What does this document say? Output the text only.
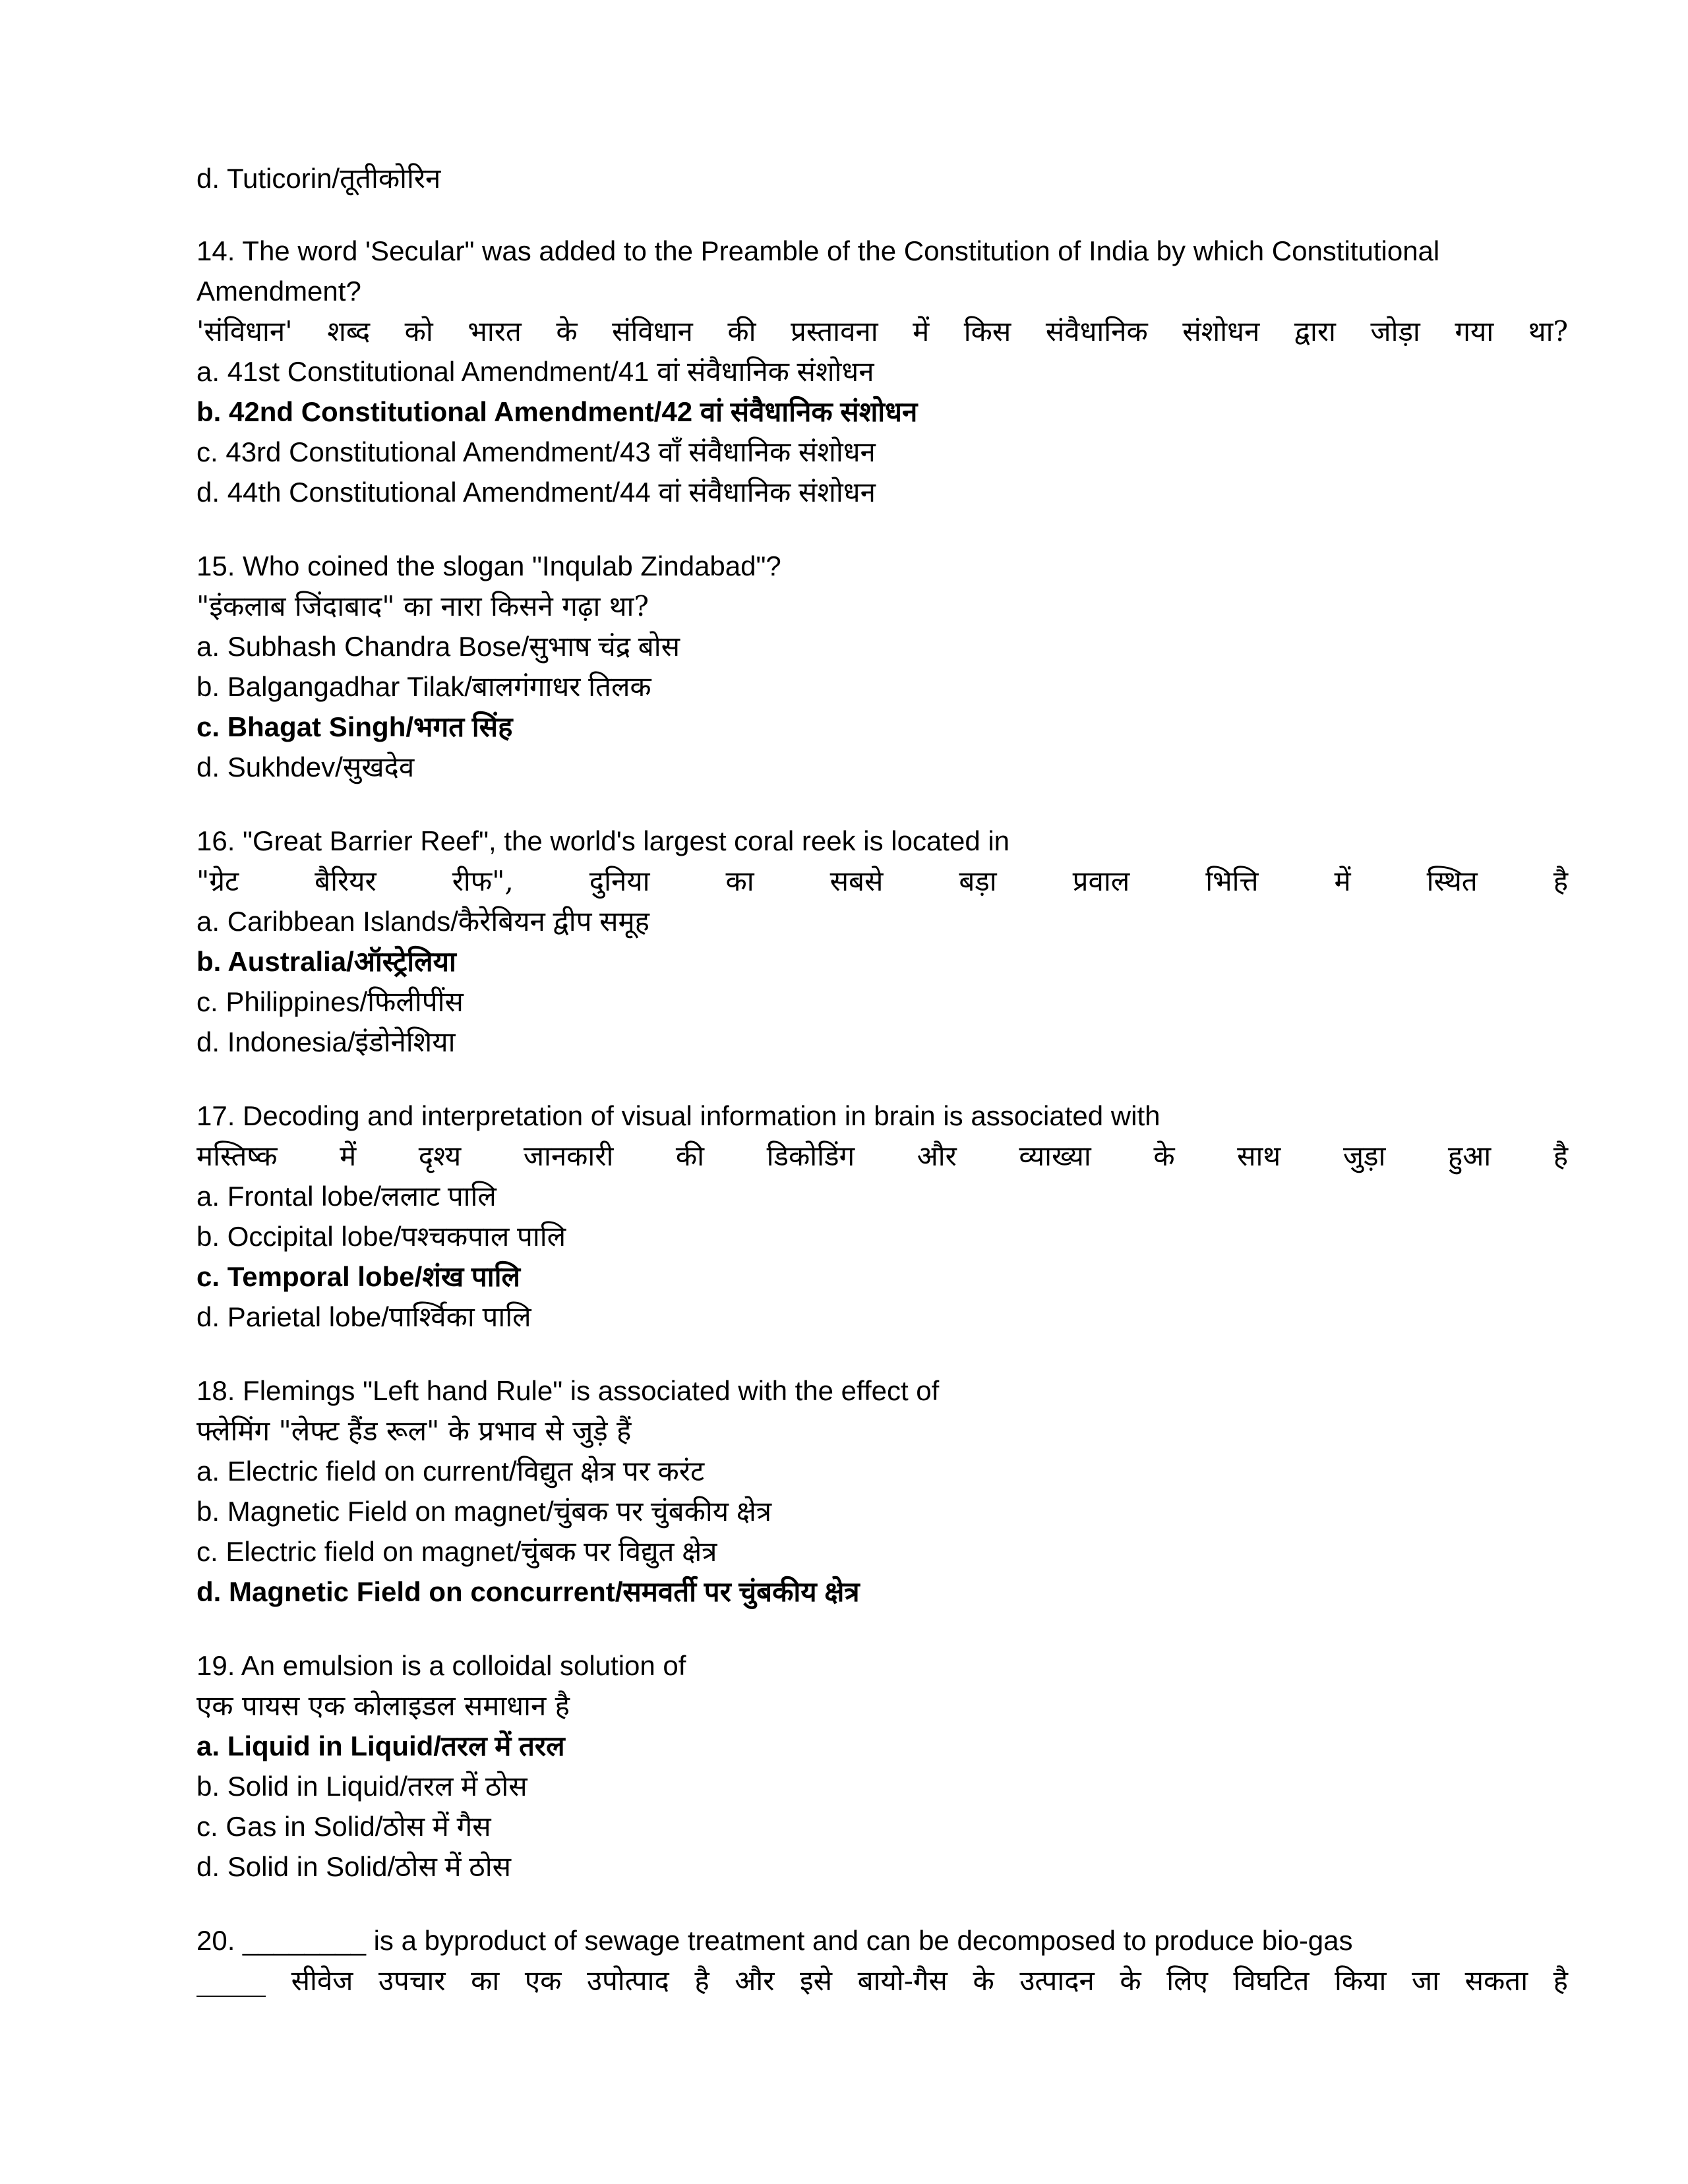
d. Tuticorin/तूतीकोरिन
14. The word 'Secular" was added to the Preamble of the Constitution of India by which Constitutional Amendment?
'संविधान' शब्द को भारत के संविधान की प्रस्तावना में किस संवैधानिक संशोधन द्वारा जोड़ा गया था?
a. 41st Constitutional Amendment/41 वां संवैधानिक संशोधन
b. 42nd Constitutional Amendment/42 वां संवैधानिक संशोधन
c. 43rd Constitutional Amendment/43 वाँ संवैधानिक संशोधन
d. 44th Constitutional Amendment/44 वां संवैधानिक संशोधन
15. Who coined the slogan "Inqulab Zindabad"?
"इंकलाब जिंदाबाद" का नारा किसने गढ़ा था?
a. Subhash Chandra Bose/सुभाष चंद्र बोस
b. Balgangadhar Tilak/बालगंगाधर तिलक
c. Bhagat Singh/भगत सिंह
d. Sukhdev/सुखदेव
16. "Great Barrier Reef", the world's largest coral reek is located in
"ग्रेट बैरियर रीफ", दुनिया का सबसे बड़ा प्रवाल भित्ति में स्थित है
a. Caribbean Islands/कैरेबियन द्वीप समूह
b. Australia/ऑस्ट्रेलिया
c. Philippines/फिलीपींस
d. Indonesia/इंडोनेशिया
17. Decoding and interpretation of visual information in brain is associated with
मस्तिष्क में दृश्य जानकारी की डिकोडिंग और व्याख्या के साथ जुड़ा हुआ है
a. Frontal lobe/ललाट पालि
b. Occipital lobe/पश्चकपाल पालि
c. Temporal lobe/शंख पालि
d. Parietal lobe/पार्श्विका पालि
18. Flemings "Left hand Rule" is associated with the effect of
फ्लेमिंग "लेफ्ट हैंड रूल" के प्रभाव से जुड़े हैं
a. Electric field on current/विद्युत क्षेत्र पर करंट
b. Magnetic Field on magnet/चुंबक पर चुंबकीय क्षेत्र
c. Electric field on magnet/चुंबक पर विद्युत क्षेत्र
d. Magnetic Field on concurrent/समवर्ती पर चुंबकीय क्षेत्र
19. An emulsion is a colloidal solution of
एक पायस एक कोलाइडल समाधान है
a. Liquid in Liquid/तरल में तरल
b. Solid in Liquid/तरल में ठोस
c. Gas in Solid/ठोस में गैस
d. Solid in Solid/ठोस में ठोस
20. ________ is a byproduct of sewage treatment and can be decomposed to produce bio-gas
_____ सीवेज उपचार का एक उपोत्पाद है और इसे बायो-गैस के उत्पादन के लिए विघटित किया जा सकता है
